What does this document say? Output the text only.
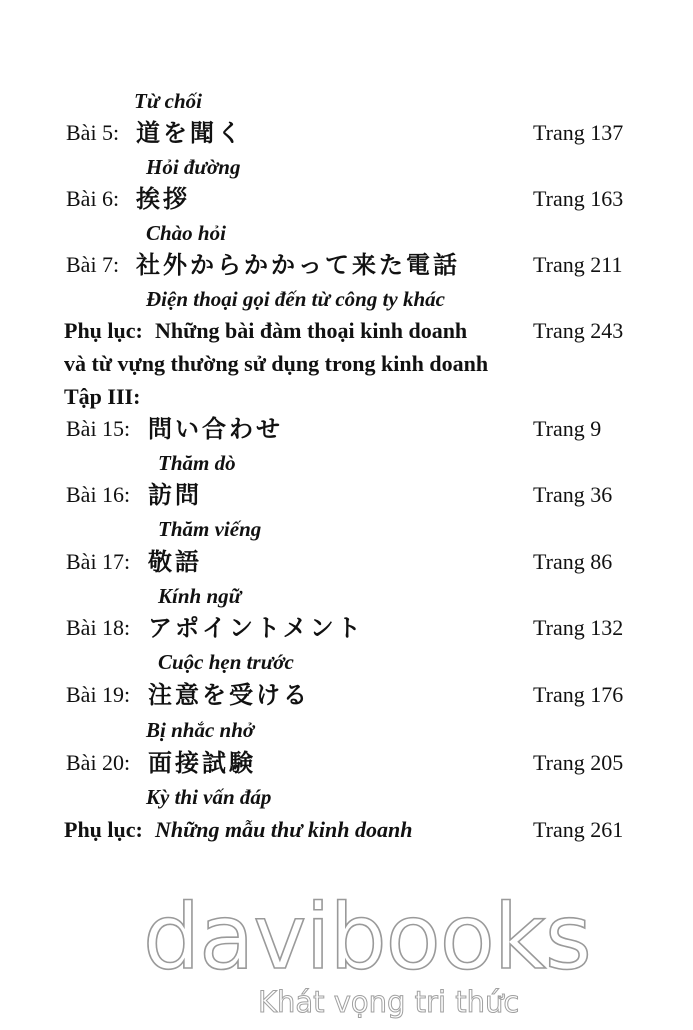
Từ chối
Bài 5: 道を聞く	Trang 137
Hỏi đường
Bài 6: 挨拶	Trang 163
Chào hỏi
Bài 7: 社外からかかって来た電話	Trang 211
Điện thoại gọi đến từ công ty khác
Phụ lục: Những bài đàm thoại kinh doanh	Trang 243
và từ vựng thường sử dụng trong kinh doanh
Tập III:
Bài 15: 問い合わせ	Trang 9
Thăm dò
Bài 16: 訪問	Trang 36
Thăm viếng
Bài 17: 敬語	Trang 86
Kính ngữ
Bài 18: アポイントメント	Trang 132
Cuộc hẹn trước
Bài 19: 注意を受ける	Trang 176
Bị nhắc nhở
Bài 20: 面接試験	Trang 205
Kỳ thi vấn đáp
Phụ lục: Những mẫu thư kinh doanh	Trang 261
davibooks
Khát vọng tri thức
